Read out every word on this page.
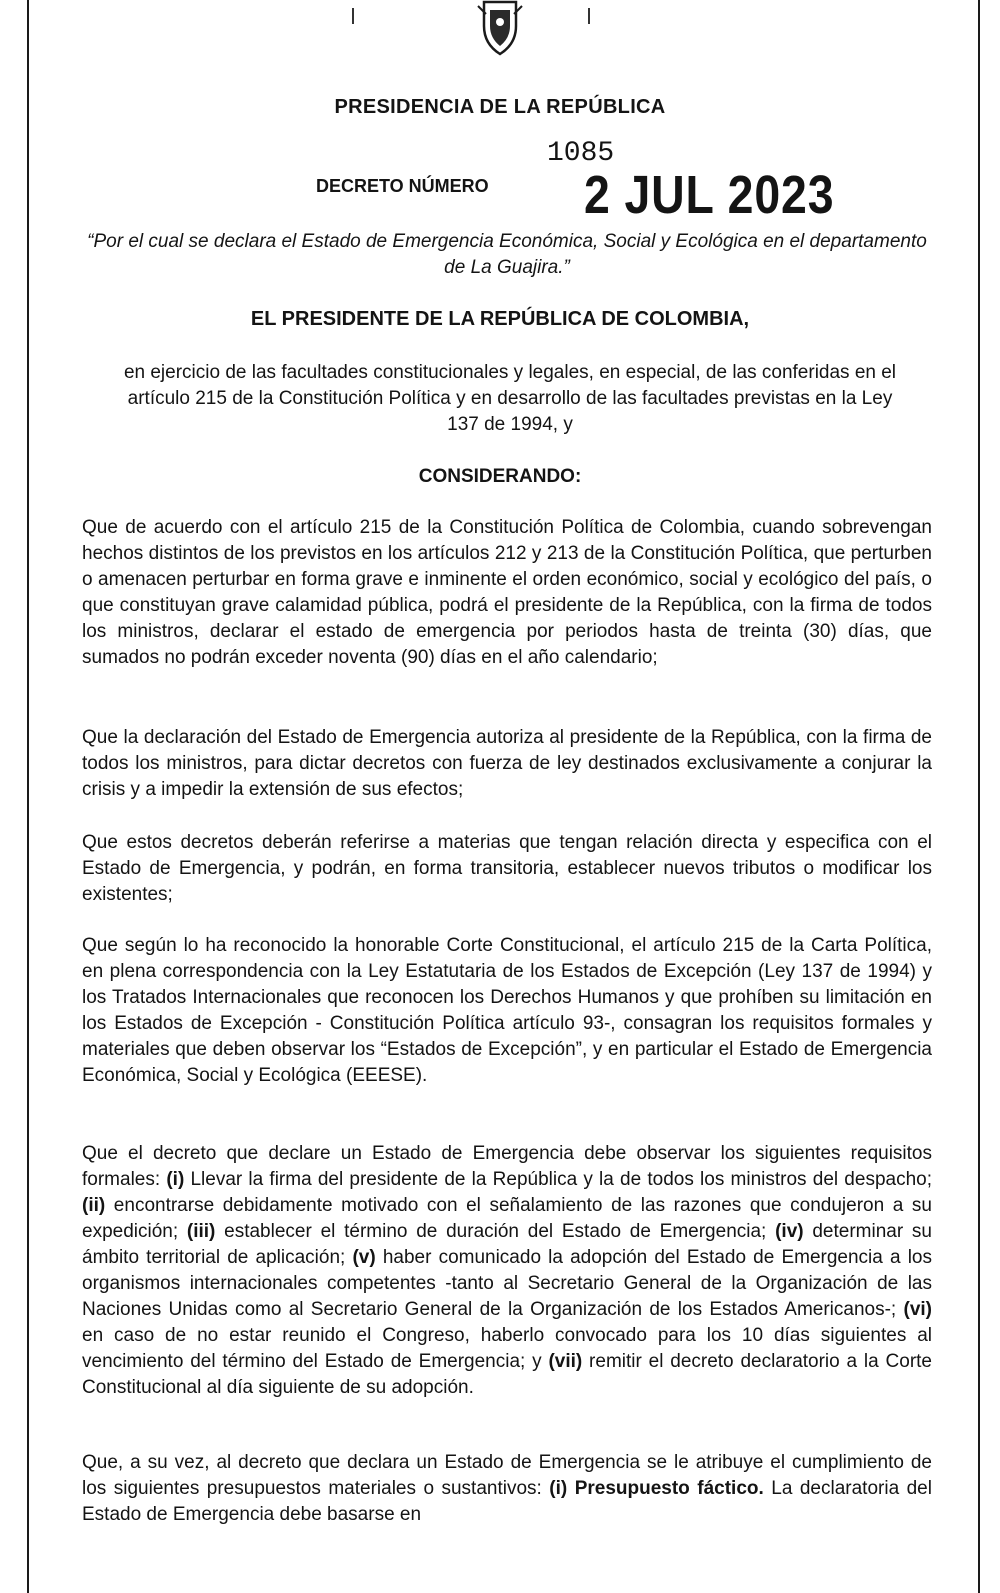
PRESIDENCIA DE LA REPÚBLICA
1085
DECRETO NÚMERO 2 JUL 2023
“Por el cual se declara el Estado de Emergencia Económica, Social y Ecológica en el departamento de La Guajira.”
EL PRESIDENTE DE LA REPÚBLICA DE COLOMBIA,
en ejercicio de las facultades constitucionales y legales, en especial, de las conferidas en el artículo 215 de la Constitución Política y en desarrollo de las facultades previstas en la Ley 137 de 1994, y
CONSIDERANDO:

Que de acuerdo con el artículo 215 de la Constitución Política de Colombia, cuando sobrevengan hechos distintos de los previstos en los artículos 212 y 213 de la Constitución Política, que perturben o amenacen perturbar en forma grave e inminente el orden económico, social y ecológico del país, o que constituyan grave calamidad pública, podrá el presidente de la República, con la firma de todos los ministros, declarar el estado de emergencia por periodos hasta de treinta (30) días, que sumados no podrán exceder noventa (90) días en el año calendario;

Que la declaración del Estado de Emergencia autoriza al presidente de la República, con la firma de todos los ministros, para dictar decretos con fuerza de ley destinados exclusivamente a conjurar la crisis y a impedir la extensión de sus efectos;

Que estos decretos deberán referirse a materias que tengan relación directa y especifica con el Estado de Emergencia, y podrán, en forma transitoria, establecer nuevos tributos o modificar los existentes;

Que según lo ha reconocido la honorable Corte Constitucional, el artículo 215 de la Carta Política, en plena correspondencia con la Ley Estatutaria de los Estados de Excepción (Ley 137 de 1994) y los Tratados Internacionales que reconocen los Derechos Humanos y que prohíben su limitación en los Estados de Excepción - Constitución Política artículo 93-, consagran los requisitos formales y materiales que deben observar los “Estados de Excepción”, y en particular el Estado de Emergencia Económica, Social y Ecológica (EEESE).

Que el decreto que declare un Estado de Emergencia debe observar los siguientes requisitos formales: (i) Llevar la firma del presidente de la República y la de todos los ministros del despacho; (ii) encontrarse debidamente motivado con el señalamiento de las razones que condujeron a su expedición; (iii) establecer el término de duración del Estado de Emergencia; (iv) determinar su ámbito territorial de aplicación; (v) haber comunicado la adopción del Estado de Emergencia a los organismos internacionales competentes -tanto al Secretario General de la Organización de las Naciones Unidas como al Secretario General de la Organización de los Estados Americanos-; (vi) en caso de no estar reunido el Congreso, haberlo convocado para los 10 días siguientes al vencimiento del término del Estado de Emergencia; y (vii) remitir el decreto declaratorio a la Corte Constitucional al día siguiente de su adopción.

Que, a su vez, al decreto que declara un Estado de Emergencia se le atribuye el cumplimiento de los siguientes presupuestos materiales o sustantivos: (i) Presupuesto fáctico. La declaratoria del Estado de Emergencia debe basarse en
